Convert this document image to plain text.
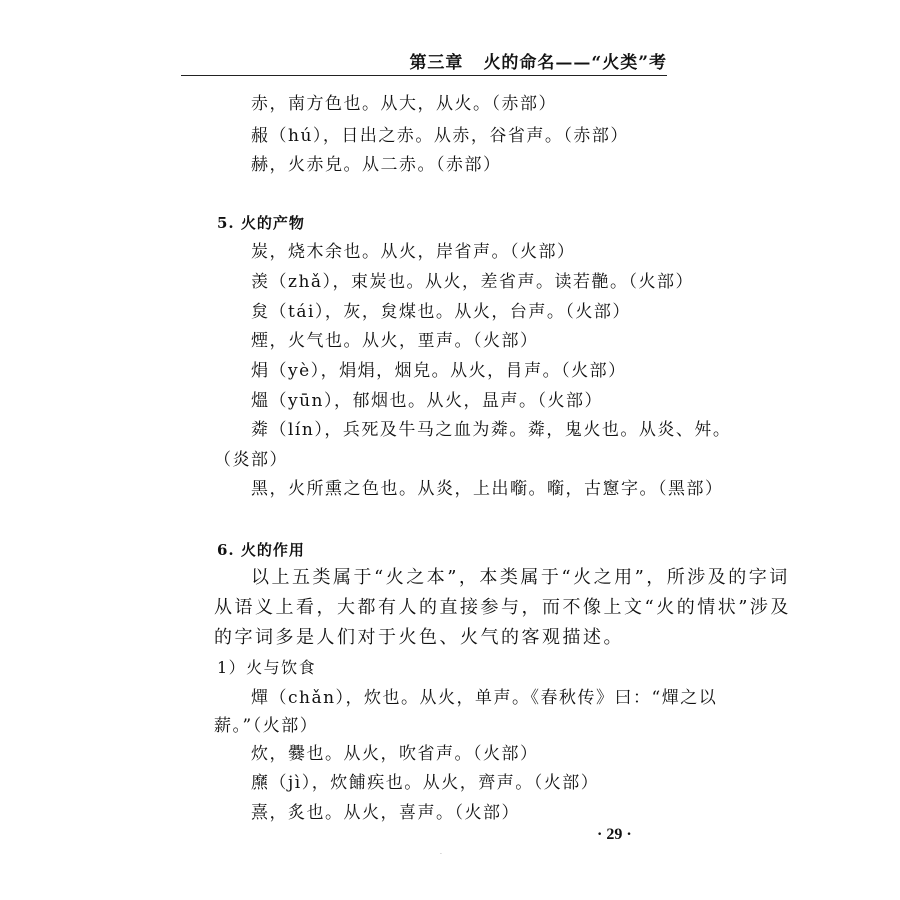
第三章 火的命名——“火类”考
赤，南方色也。从大，从火。（赤部）
赧（hú），日出之赤。从赤，谷省声。（赤部）
赫，火赤皃。从二赤。（赤部）
5. 火的产物
炭，烧木余也。从火，岸省声。（火部）
羡（zhǎ），束炭也。从火，差省声。读若䒐。（火部）
炱（tái），灰，炱煤也。从火，台声。（火部）
煙，火气也。从火，垔声。（火部）
焆（yè），焆焆，烟皃。从火，肙声。（火部）
熅（yūn），郁烟也。从火，昷声。（火部）
粦（lín），兵死及牛马之血为粦。粦，鬼火也。从炎、舛。
（炎部）
黑，火所熏之色也。从炎，上出㘅。㘅，古窻字。（黑部）
6. 火的作用
以上五类属于“火之本”，本类属于“火之用”，所涉及的字词
从语义上看，大都有人的直接参与，而不像上文“火的情状”涉及
的字词多是人们对于火色、火气的客观描述。
1）火与饮食
燀（chǎn），炊也。从火，单声。《春秋传》曰：“燀之以
薪。”（火部）
炊，爨也。从火，吹省声。（火部）
爢（jì），炊餔疾也。从火，齊声。（火部）
熹，炙也。从火，喜声。（火部）
· 29 ·
.
